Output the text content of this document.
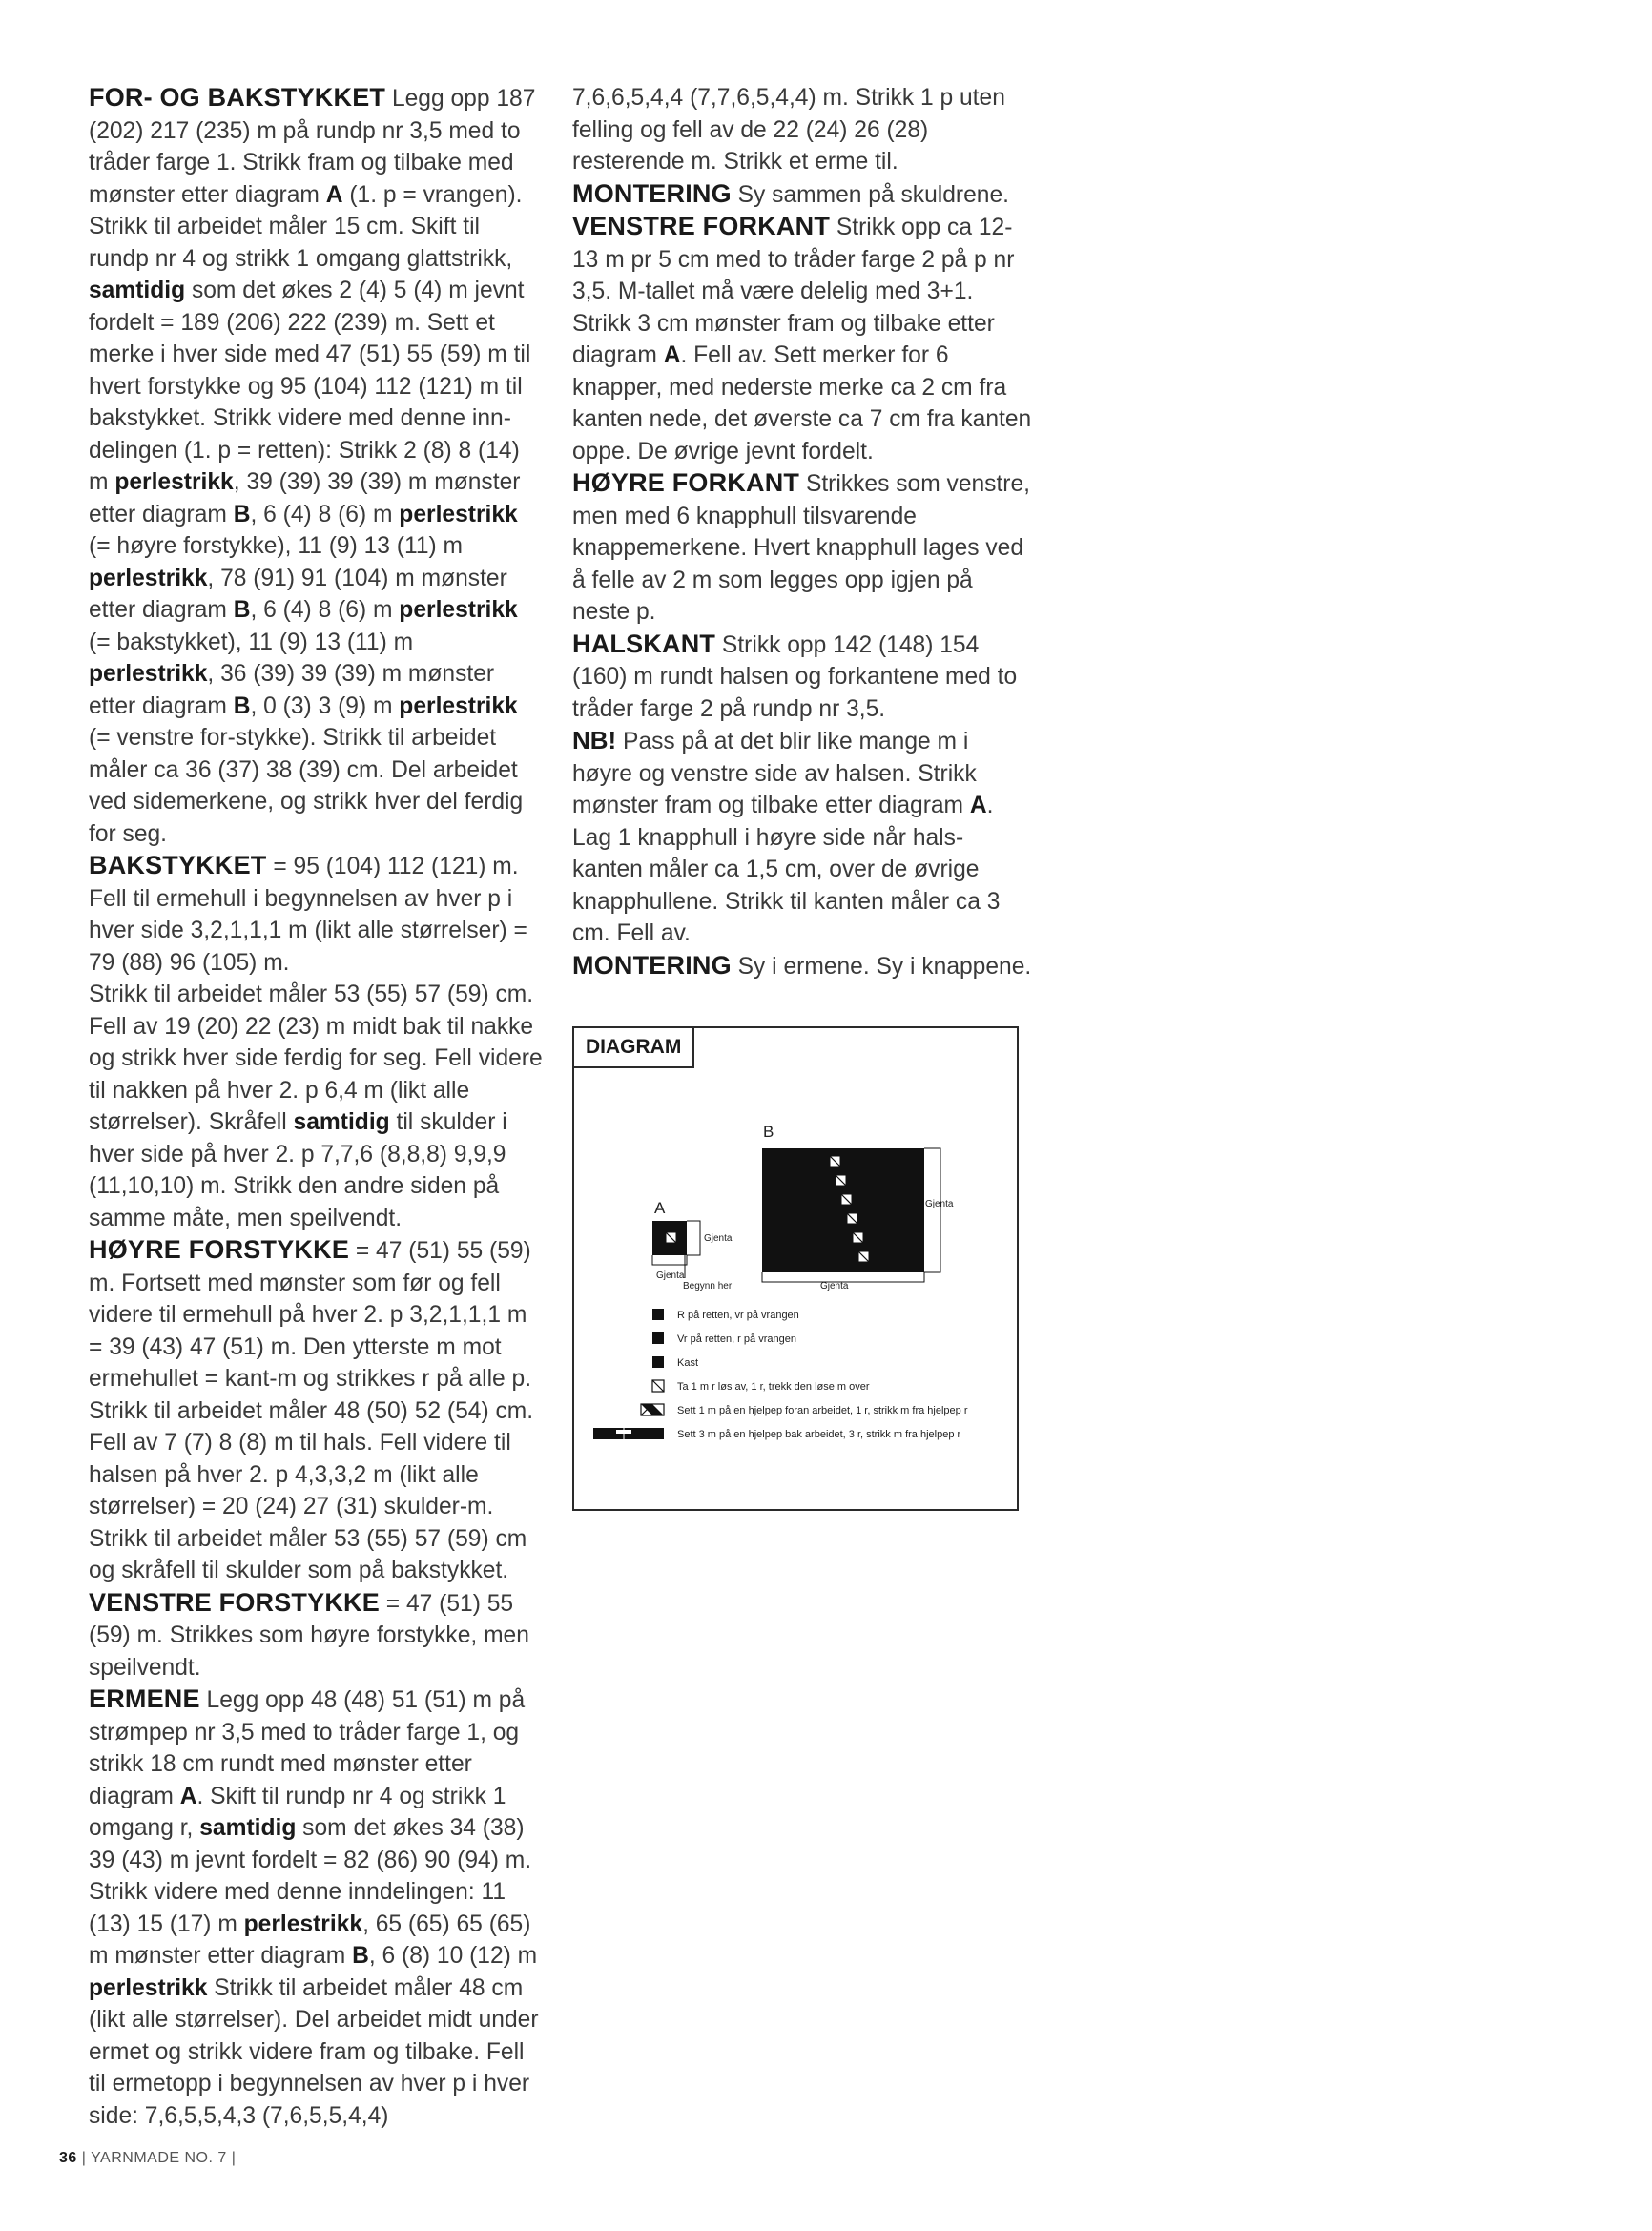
FOR- OG BAKSTYKKET Legg opp 187 (202) 217 (235) m på rundp nr 3,5 med to tråder farge 1. Strikk fram og tilbake med mønster etter diagram A (1. p = vrangen). Strikk til arbeidet måler 15 cm. Skift til rundp nr 4 og strikk 1 omgang glattstrikk, samtidig som det økes 2 (4) 5 (4) m jevnt fordelt = 189 (206) 222 (239) m. Sett et merke i hver side med 47 (51) 55 (59) m til hvert forstykke og 95 (104) 112 (121) m til bakstykket. Strikk videre med denne inn-delingen (1. p = retten): Strikk 2 (8) 8 (14) m perlestrikk, 39 (39) 39 (39) m mønster etter diagram B, 6 (4) 8 (6) m perlestrikk (= høyre forstykke), 11 (9) 13 (11) m perlestrikk, 78 (91) 91 (104) m mønster etter diagram B, 6 (4) 8 (6) m perlestrikk (= bakstykket), 11 (9) 13 (11) m perlestrikk, 36 (39) 39 (39) m mønster etter diagram B, 0 (3) 3 (9) m perlestrikk (= venstre for-stykke). Strikk til arbeidet måler ca 36 (37) 38 (39) cm. Del arbeidet ved sidemerkene, og strikk hver del ferdig for seg.

BAKSTYKKET = 95 (104) 112 (121) m. Fell til ermehull i begynnelsen av hver p i hver side 3,2,1,1,1 m (likt alle størrelser) = 79 (88) 96 (105) m.

Strikk til arbeidet måler 53 (55) 57 (59) cm. Fell av 19 (20) 22 (23) m midt bak til nakke og strikk hver side ferdig for seg. Fell videre til nakken på hver 2. p 6,4 m (likt alle størrelser). Skråfell samtidig til skulder i hver side på hver 2. p 7,7,6 (8,8,8) 9,9,9 (11,10,10) m. Strikk den andre siden på samme måte, men speilvendt.

HØYRE FORSTYKKE = 47 (51) 55 (59) m. Fortsett med mønster som før og fell videre til ermehull på hver 2. p 3,2,1,1,1 m = 39 (43) 47 (51) m. Den ytterste m mot ermehullet = kant-m og strikkes r på alle p. Strikk til arbeidet måler 48 (50) 52 (54) cm. Fell av 7 (7) 8 (8) m til hals. Fell videre til halsen på hver 2. p 4,3,3,2 m (likt alle størrelser) = 20 (24) 27 (31) skulder-m. Strikk til arbeidet måler 53 (55) 57 (59) cm og skråfell til skulder som på bakstykket.

VENSTRE FORSTYKKE = 47 (51) 55 (59) m. Strikkes som høyre forstykke, men speilvendt.

ERMENE Legg opp 48 (48) 51 (51) m på strømpep nr 3,5 med to tråder farge 1, og strikk 18 cm rundt med mønster etter diagram A. Skift til rundp nr 4 og strikk 1 omgang r, samtidig som det økes 34 (38) 39 (43) m jevnt fordelt = 82 (86) 90 (94) m. Strikk videre med denne inndelingen: 11 (13) 15 (17) m perlestrikk, 65 (65) 65 (65) m mønster etter diagram B, 6 (8) 10 (12) m perlestrikk Strikk til arbeidet måler 48 cm (likt alle størrelser). Del arbeidet midt under ermet og strikk videre fram og tilbake. Fell til ermetopp i begynnelsen av hver p i hver side: 7,6,5,5,4,3 (7,6,5,5,4,4)

7,6,6,5,4,4 (7,7,6,5,4,4) m. Strikk 1 p uten felling og fell av de 22 (24) 26 (28) resterende m. Strikk et erme til.

MONTERING Sy sammen på skuldrene.

VENSTRE FORKANT Strikk opp ca 12-13 m pr 5 cm med to tråder farge 2 på p nr 3,5. M-tallet må være delelig med 3+1. Strikk 3 cm mønster fram og tilbake etter diagram A. Fell av. Sett merker for 6 knapper, med nederste merke ca 2 cm fra kanten nede, det øverste ca 7 cm fra kanten oppe. De øvrige jevnt fordelt.

HØYRE FORKANT Strikkes som venstre, men med 6 knapphull tilsvarende knappemerkene. Hvert knapphull lages ved å felle av 2 m som legges opp igjen på neste p.

HALSKANT Strikk opp 142 (148) 154 (160) m rundt halsen og forkantene med to tråder farge 2 på rundp nr 3,5.

NB! Pass på at det blir like mange m i høyre og venstre side av halsen. Strikk mønster fram og tilbake etter diagram A. Lag 1 knapphull i høyre side når hals-kanten måler ca 1,5 cm, over de øvrige knapphullene. Strikk til kanten måler ca 3 cm. Fell av.

MONTERING Sy i ermene. Sy i knappene.

A
Gjenta
Gjenta
Begynn her
B
Gjenta
Gjenta
R på retten, vr på vrangen
Vr på retten, r på vrangen
Kast
Ta 1 m r løs av, 1 r, trekk den løse m over
Sett 1 m på en hjelpep foran arbeidet, 1 r, strikk m fra hjelpep r
Sett 3 m på en hjelpep bak arbeidet, 3 r, strikk m fra hjelpep r
DIAGRAM
36 | YARNMADE NO. 7 |
